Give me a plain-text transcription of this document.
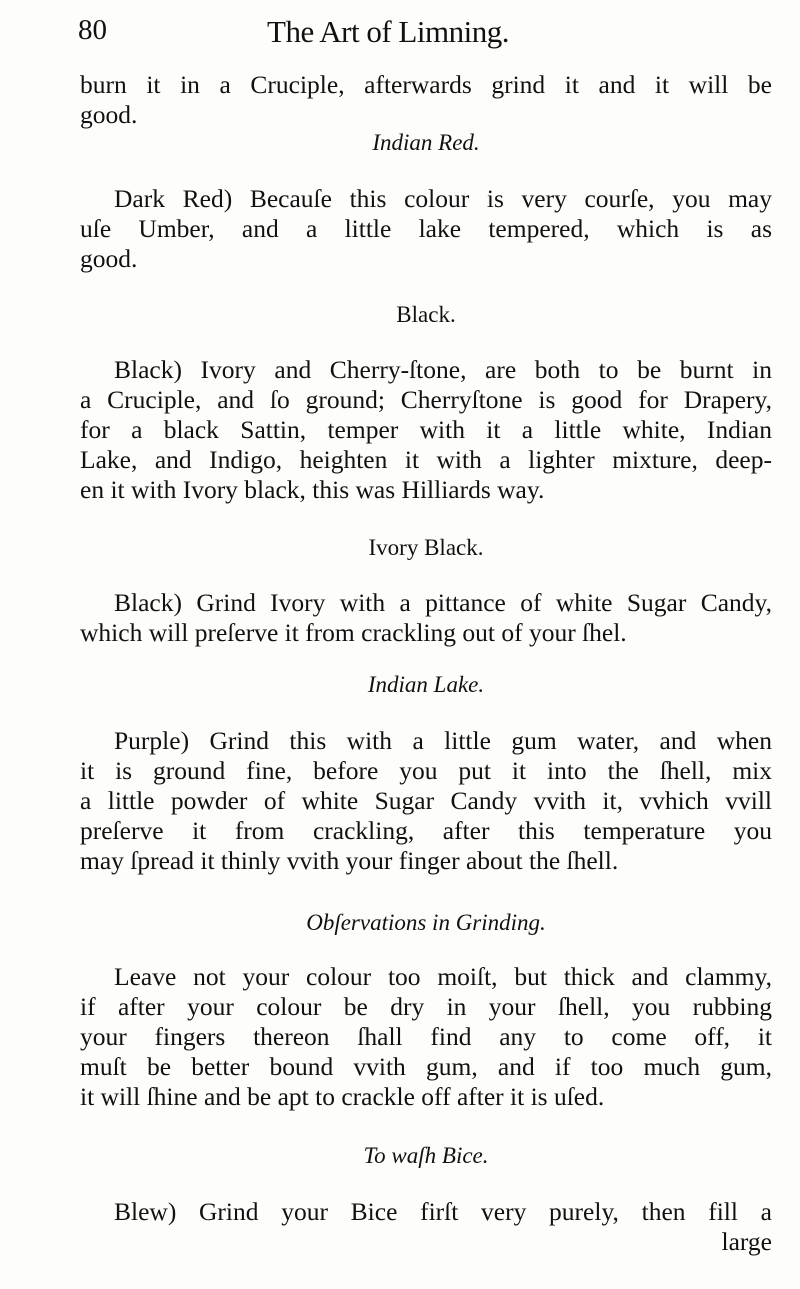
80	The Art of Limning.
burn it in a Cruciple, afterwards grind it and it will be
good.
Indian Red.
Dark Red) Becauſe this colour is very courſe, you may
uſe Umber, and a little lake tempered, which is as
good.
Black.
Black) Ivory and Cherry-ſtone, are both to be burnt in
a Cruciple, and ſo ground; Cherryſtone is good for Drapery,
for a black Sattin, temper with it a little white, Indian
Lake, and Indigo, heighten it with a lighter mixture, deep-
en it with Ivory black, this was Hilliards way.
Ivory Black.
Black) Grind Ivory with a pittance of white Sugar Candy,
which will preſerve it from crackling out of your ſhel.
Indian Lake.
Purple) Grind this with a little gum water, and when
it is ground fine, before you put it into the ſhell, mix
a little powder of white Sugar Candy vvith it, vvhich vvill
preſerve it from crackling, after this temperature you
may ſpread it thinly vvith your finger about the ſhell.
Obſervations in Grinding.
Leave not your colour too moiſt, but thick and clammy,
if after your colour be dry in your ſhell, you rubbing
your fingers thereon ſhall find any to come off, it
muſt be better bound vvith gum, and if too much gum,
it will ſhine and be apt to crackle off after it is uſed.
To waſh Bice.
Blew) Grind your Bice firſt very purely, then fill a
large
